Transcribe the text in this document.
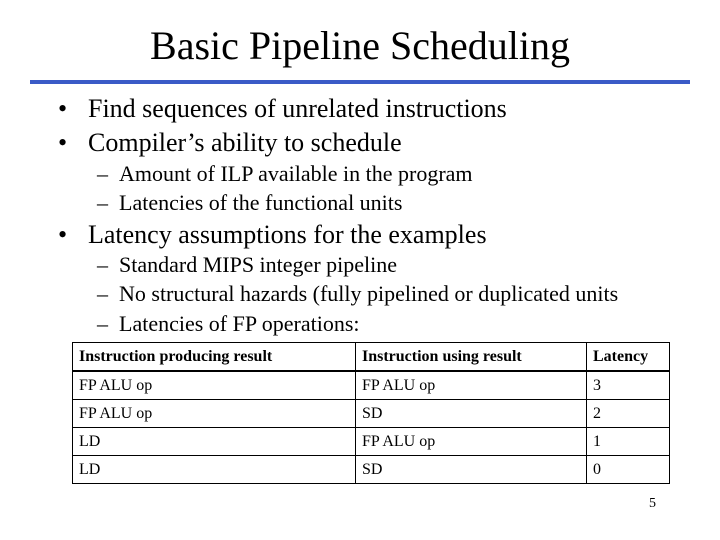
Basic Pipeline Scheduling
• Find sequences of unrelated instructions
• Compiler’s ability to schedule
– Amount of ILP available in the program
– Latencies of the functional units
• Latency assumptions for the examples
– Standard MIPS integer pipeline
– No structural hazards (fully pipelined or duplicated units
– Latencies of FP operations:
Instruction producing result	Instruction using result	Latency
FP ALU op	FP ALU op	3
FP ALU op	SD	2
LD	FP ALU op	1
LD	SD	0
5
